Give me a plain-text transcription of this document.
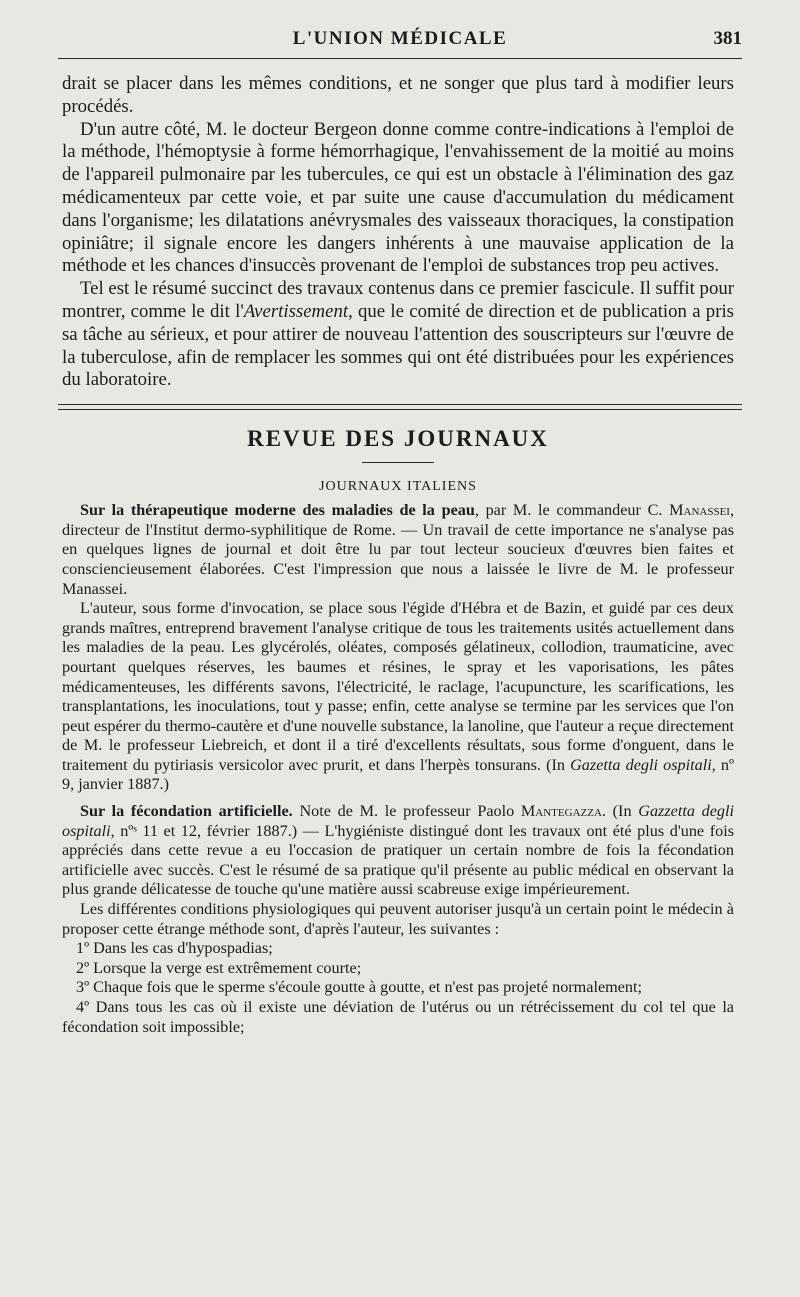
L'UNION MÉDICALE	381

drait se placer dans les mêmes conditions, et ne songer que plus tard à modifier leurs procédés.

D'un autre côté, M. le docteur Bergeon donne comme contre-indications à l'emploi de la méthode, l'hémoptysie à forme hémorrhagique, l'envahissement de la moitié au moins de l'appareil pulmonaire par les tubercules, ce qui est un obstacle à l'élimination des gaz médicamenteux par cette voie, et par suite une cause d'accumulation du médicament dans l'organisme; les dilatations anévrysmales des vaisseaux thoraciques, la constipation opiniâtre; il signale encore les dangers inhérents à une mauvaise application de la méthode et les chances d'insuccès provenant de l'emploi de substances trop peu actives.

Tel est le résumé succinct des travaux contenus dans ce premier fascicule. Il suffit pour montrer, comme le dit l'Avertissement, que le comité de direction et de publication a pris sa tâche au sérieux, et pour attirer de nouveau l'attention des souscripteurs sur l'œuvre de la tuberculose, afin de remplacer les sommes qui ont été distribuées pour les expériences du laboratoire.

REVUE DES JOURNAUX
JOURNAUX ITALIENS

Sur la thérapeutique moderne des maladies de la peau, par M. le commandeur C. Manassei, directeur de l'Institut dermo-syphilitique de Rome. — Un travail de cette importance ne s'analyse pas en quelques lignes de journal et doit être lu par tout lecteur soucieux d'œuvres bien faites et consciencieusement élaborées. C'est l'impression que nous a laissée le livre de M. le professeur Manassei.

L'auteur, sous forme d'invocation, se place sous l'égide d'Hébra et de Bazin, et guidé par ces deux grands maîtres, entreprend bravement l'analyse critique de tous les traitements usités actuellement dans les maladies de la peau. Les glycérolés, oléates, composés gélatineux, collodion, traumaticine, avec pourtant quelques réserves, les baumes et résines, le spray et les vaporisations, les pâtes médicamenteuses, les différents savons, l'électricité, le raclage, l'acupuncture, les scarifications, les transplantations, les inoculations, tout y passe; enfin, cette analyse se termine par les services que l'on peut espérer du thermo-cautère et d'une nouvelle substance, la lanoline, que l'auteur a reçue directement de M. le professeur Liebreich, et dont il a tiré d'excellents résultats, sous forme d'onguent, dans le traitement du pytiriasis versicolor avec prurit, et dans l'herpès tonsurans. (In Gazetta degli ospitali, nº 9, janvier 1887.)

Sur la fécondation artificielle. Note de M. le professeur Paolo Mantegazza. (In Gazzetta degli ospitali, nºˢ 11 et 12, février 1887.) — L'hygiéniste distingué dont les travaux ont été plus d'une fois appréciés dans cette revue a eu l'occasion de pratiquer un certain nombre de fois la fécondation artificielle avec succès. C'est le résumé de sa pratique qu'il présente au public médical en observant la plus grande délicatesse de touche qu'une matière aussi scabreuse exige impérieurement.

Les différentes conditions physiologiques qui peuvent autoriser jusqu'à un certain point le médecin à proposer cette étrange méthode sont, d'après l'auteur, les suivantes :

1º Dans les cas d'hypospadias;

2º Lorsque la verge est extrêmement courte;

3º Chaque fois que le sperme s'écoule goutte à goutte, et n'est pas projeté normalement;

4º Dans tous les cas où il existe une déviation de l'utérus ou un rétrécissement du col tel que la fécondation soit impossible;
